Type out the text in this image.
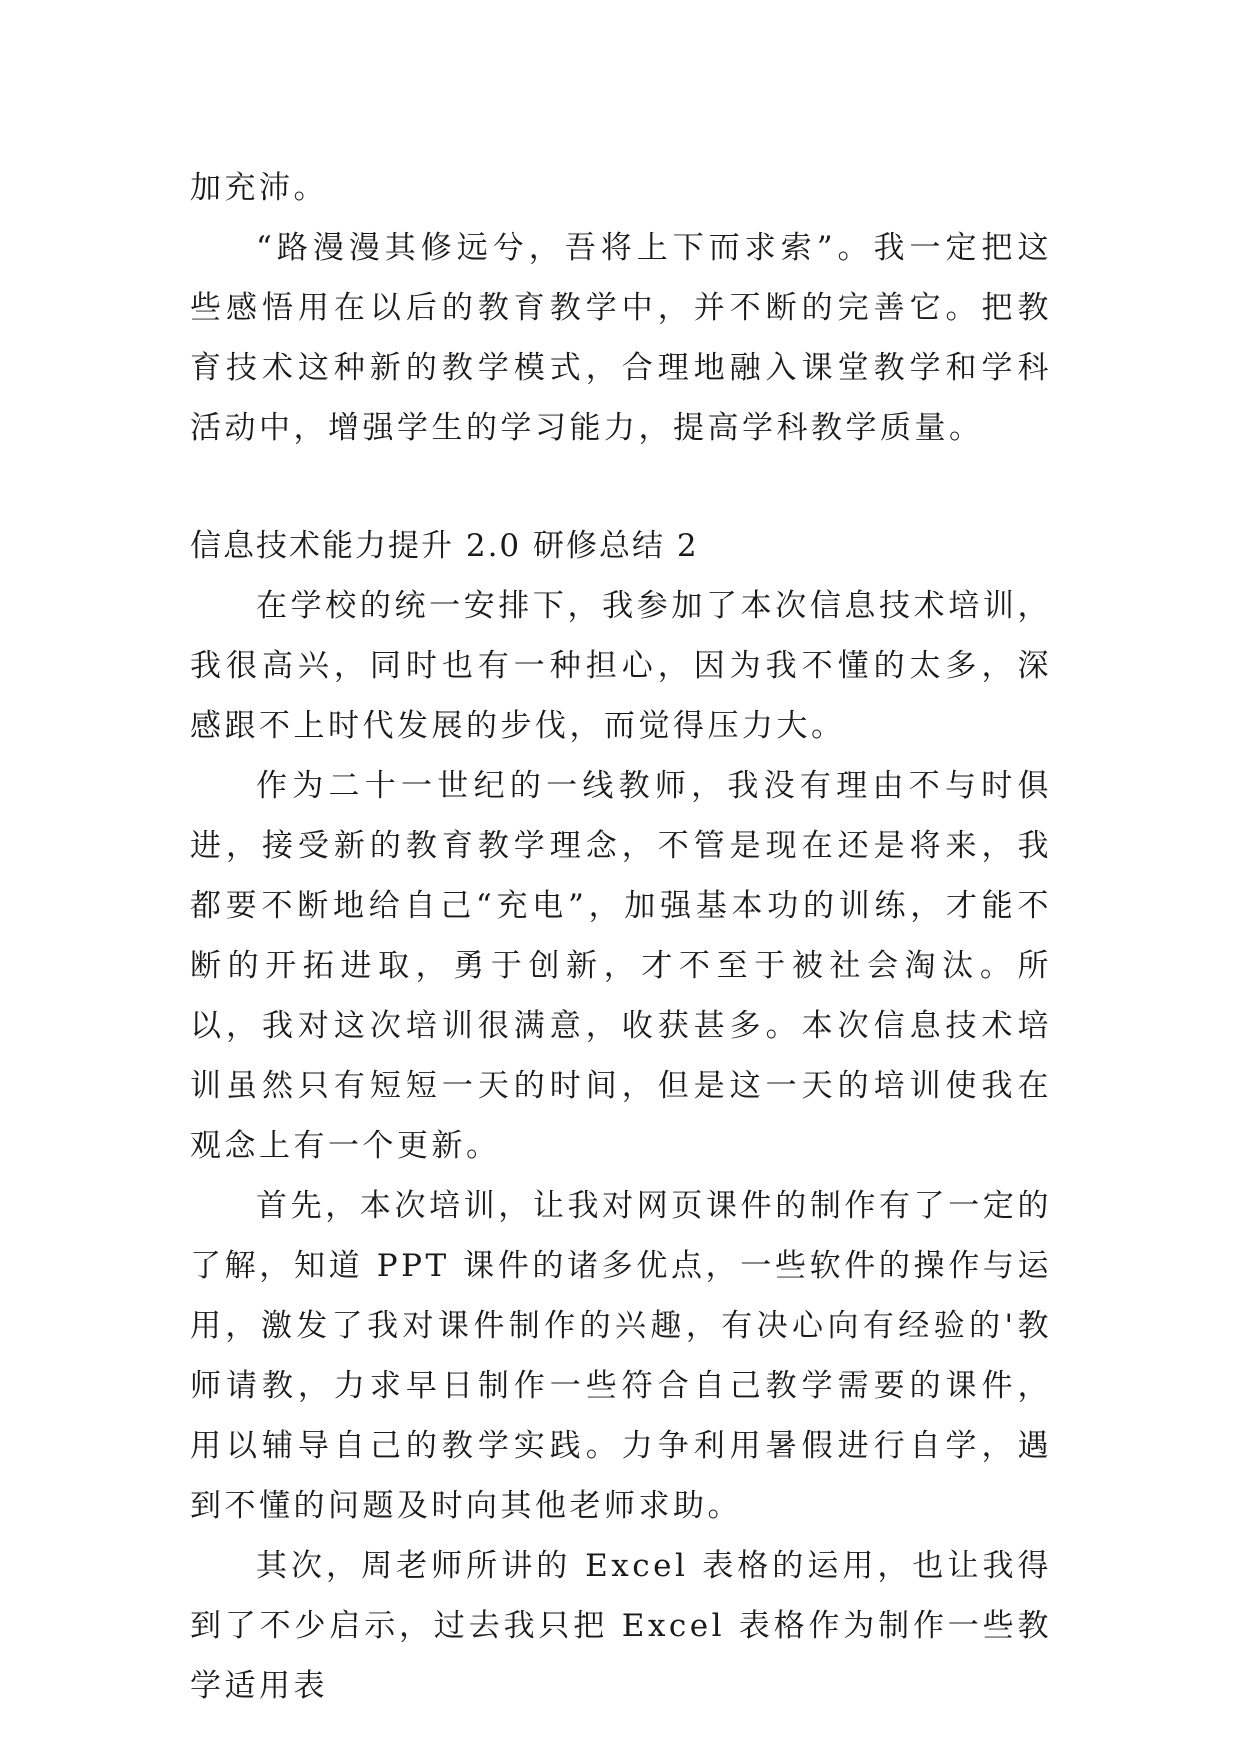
加充沛。

“路漫漫其修远兮，吾将上下而求索”。我一定把这些感悟用在以后的教育教学中，并不断的完善它。把教育技术这种新的教学模式，合理地融入课堂教学和学科活动中，增强学生的学习能力，提高学科教学质量。

信息技术能力提升 2.0 研修总结 2

在学校的统一安排下，我参加了本次信息技术培训，我很高兴，同时也有一种担心，因为我不懂的太多，深感跟不上时代发展的步伐，而觉得压力大。

作为二十一世纪的一线教师，我没有理由不与时俱进，接受新的教育教学理念，不管是现在还是将来，我都要不断地给自己“充电”，加强基本功的训练，才能不断的开拓进取，勇于创新，才不至于被社会淘汰。所以，我对这次培训很满意，收获甚多。本次信息技术培训虽然只有短短一天的时间，但是这一天的培训使我在观念上有一个更新。

首先，本次培训，让我对网页课件的制作有了一定的了解，知道 PPT 课件的诸多优点，一些软件的操作与运用，激发了我对课件制作的兴趣，有决心向有经验的'教师请教，力求早日制作一些符合自己教学需要的课件，用以辅导自己的教学实践。力争利用暑假进行自学，遇到不懂的问题及时向其他老师求助。

其次，周老师所讲的 Excel 表格的运用，也让我得到了不少启示，过去我只把 Excel 表格作为制作一些教学适用表
